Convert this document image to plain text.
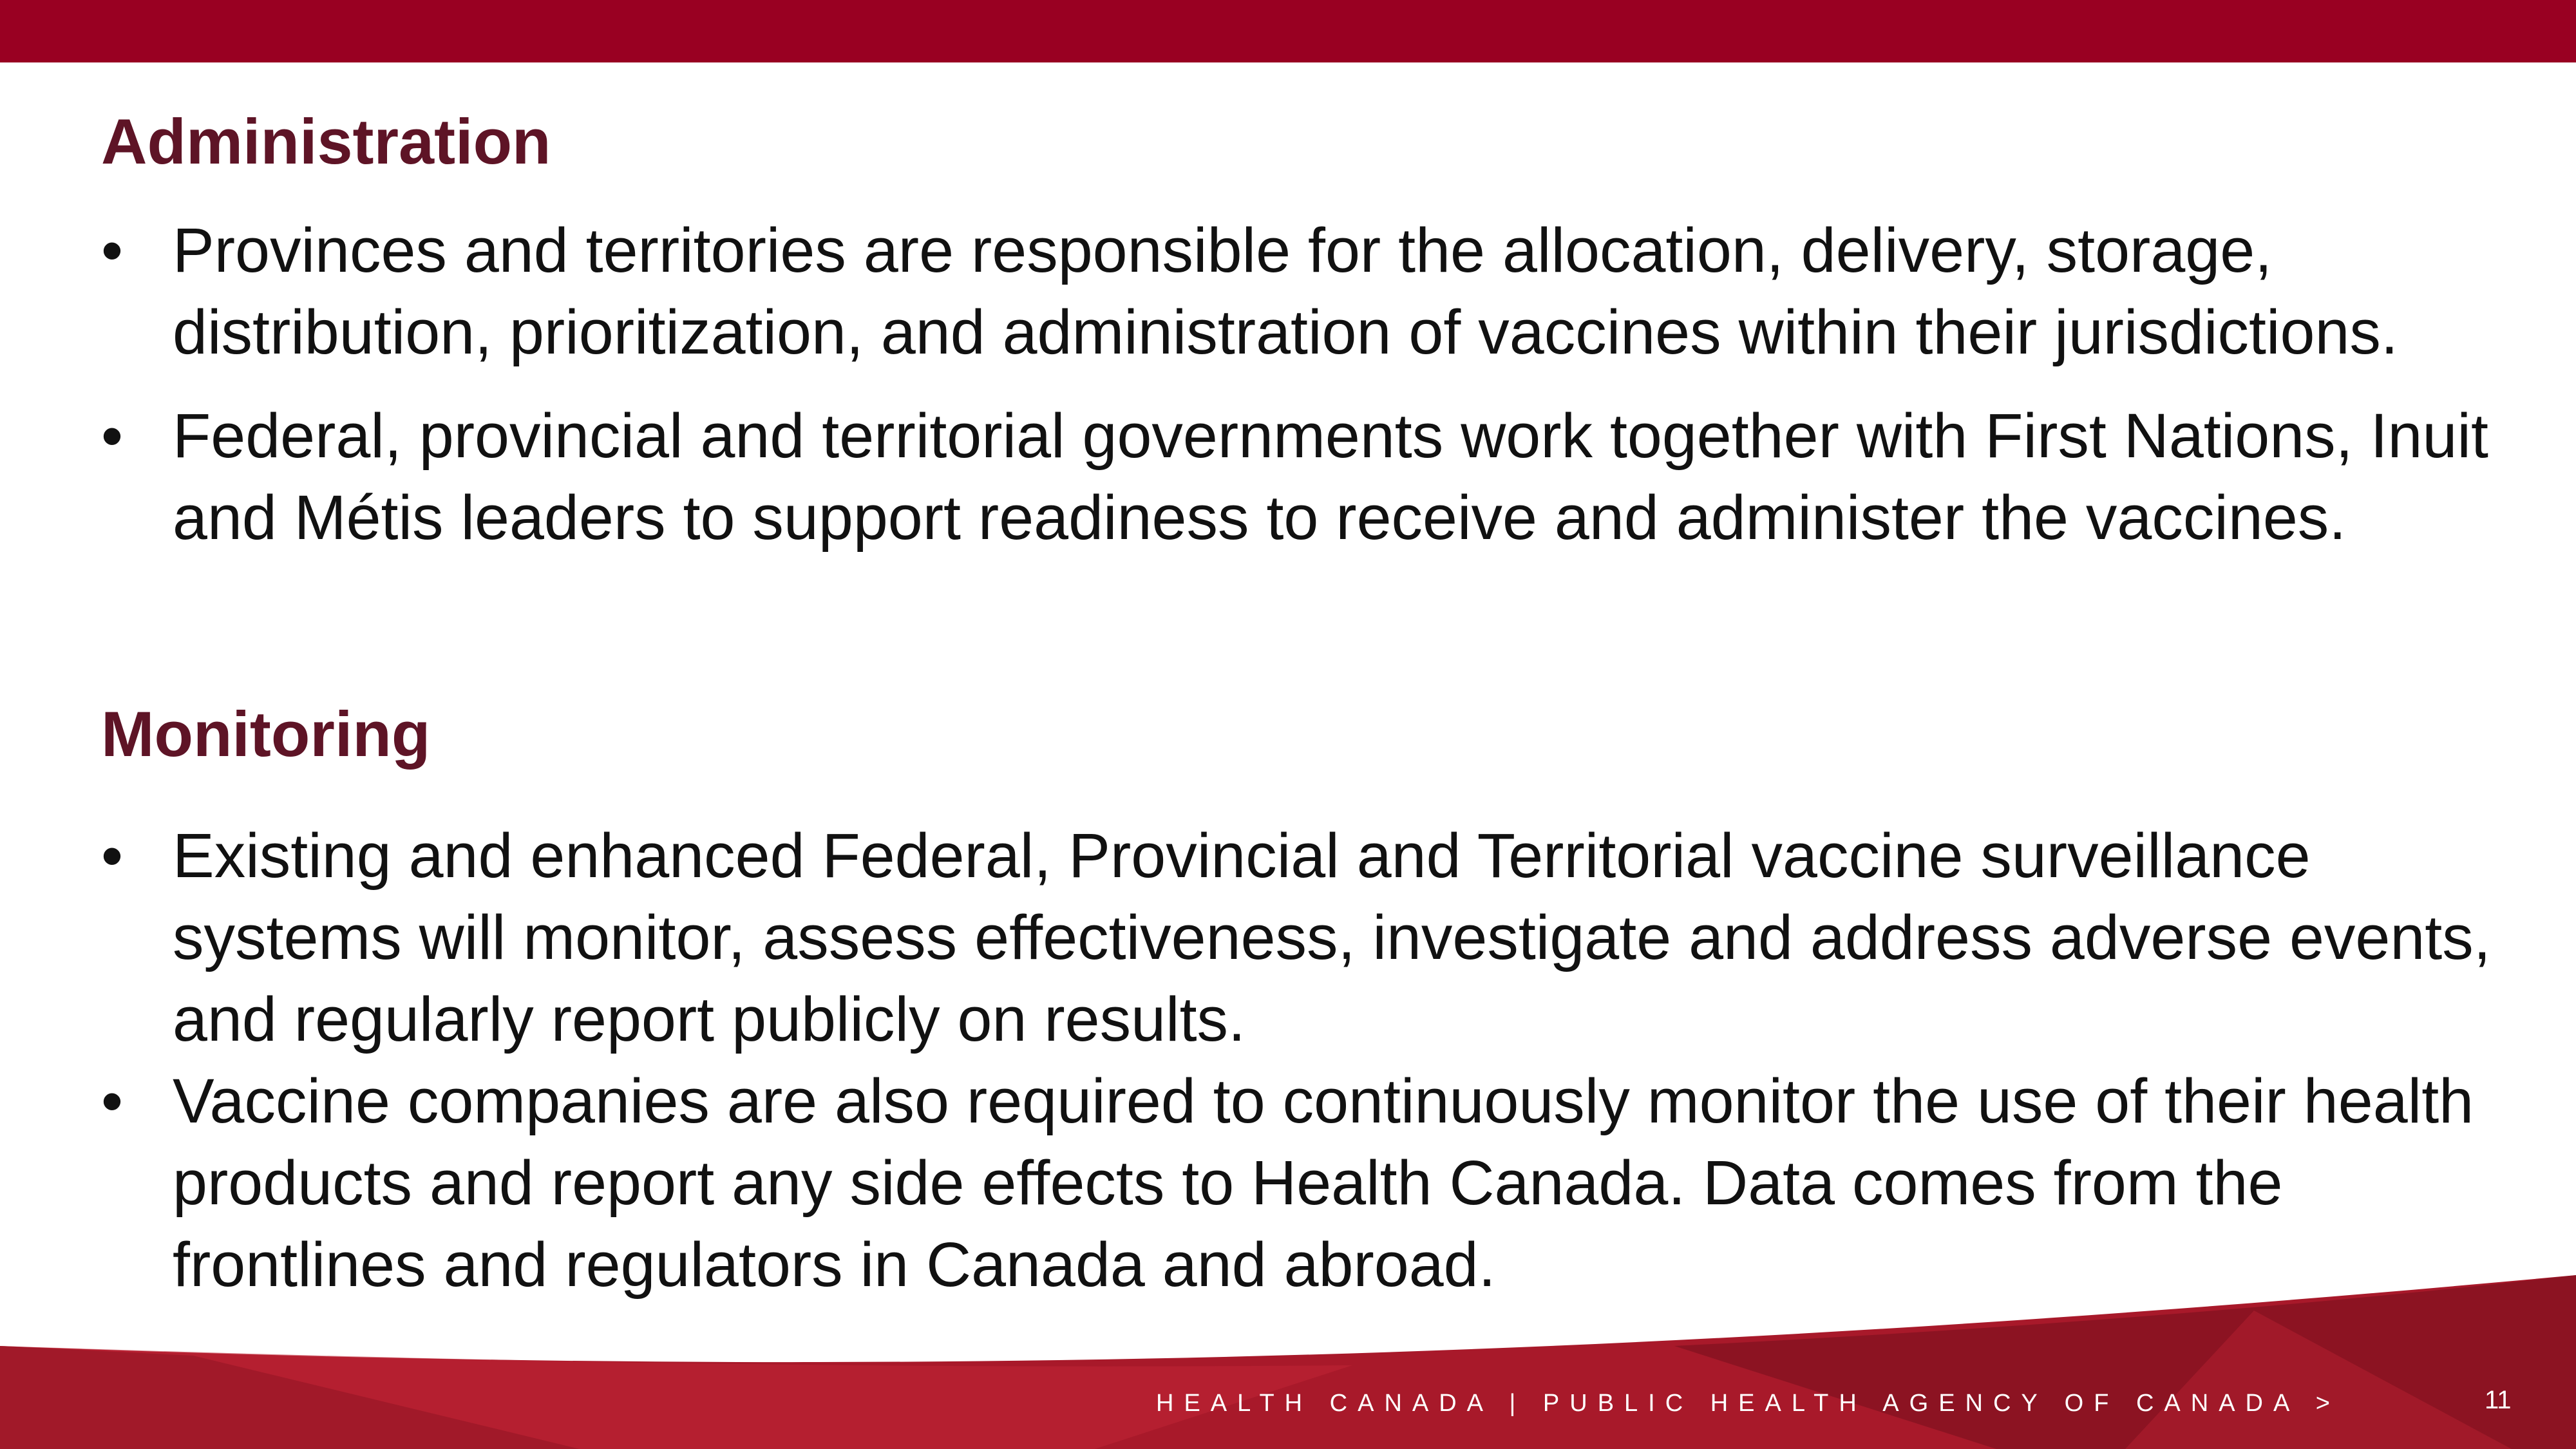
Administration
• Provinces and territories are responsible for the allocation, delivery, storage, distribution, prioritization, and administration of vaccines within their jurisdictions.
• Federal, provincial and territorial governments work together with First Nations, Inuit and Métis leaders to support readiness to receive and administer the vaccines.
Monitoring
• Existing and enhanced Federal, Provincial and Territorial vaccine surveillance systems will monitor, assess effectiveness, investigate and address adverse events, and regularly report publicly on results.
• Vaccine companies are also required to continuously monitor the use of their health products and report any side effects to Health Canada. Data comes from the frontlines and regulators in Canada and abroad.
HEALTH CANADA | PUBLIC HEALTH AGENCY OF CANADA >	11
